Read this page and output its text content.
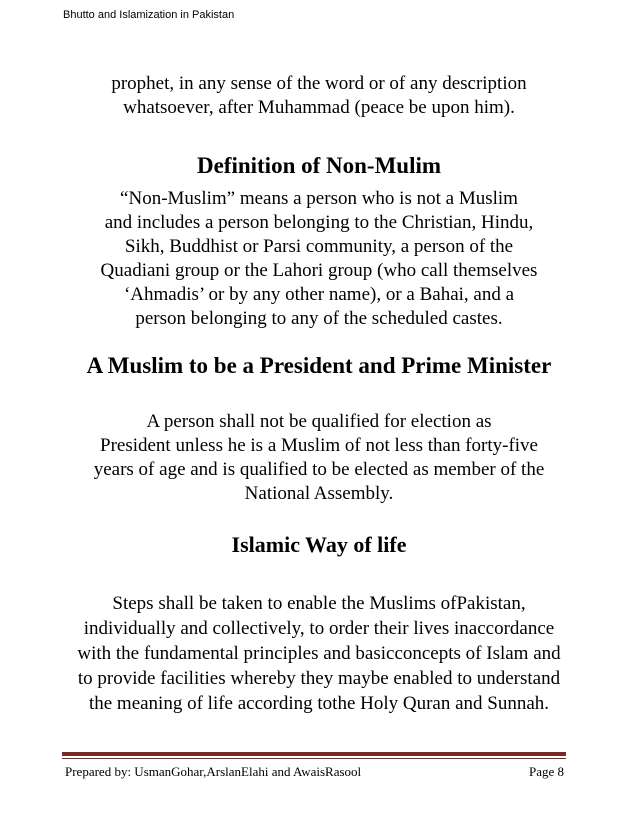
Bhutto and Islamization in Pakistan
prophet, in any sense of the word or of any description
whatsoever, after Muhammad (peace be upon him).
Definition of Non-Mulim
“Non-Muslim” means a person who is not a Muslim
and includes a person belonging to the Christian, Hindu,
Sikh, Buddhist or Parsi community, a person of the
Quadiani group or the Lahori group (who call themselves
‘Ahmadis’ or by any other name), or a Bahai, and a
person belonging to any of the scheduled castes.
A Muslim to be a President and Prime Minister
A person shall not be qualified for election as
President unless he is a Muslim of not less than forty-five
years of age and is qualified to be elected as member of the
National Assembly.
Islamic Way of life
Steps shall be taken to enable the Muslims ofPakistan,
individually and collectively, to order their lives inaccordance
with the fundamental principles and basicconcepts of Islam and
to provide facilities whereby they maybe enabled to understand
the meaning of life according tothe Holy Quran and Sunnah.
Prepared by: UsmanGohar,ArslanElahi and AwaisRasool	Page 8
